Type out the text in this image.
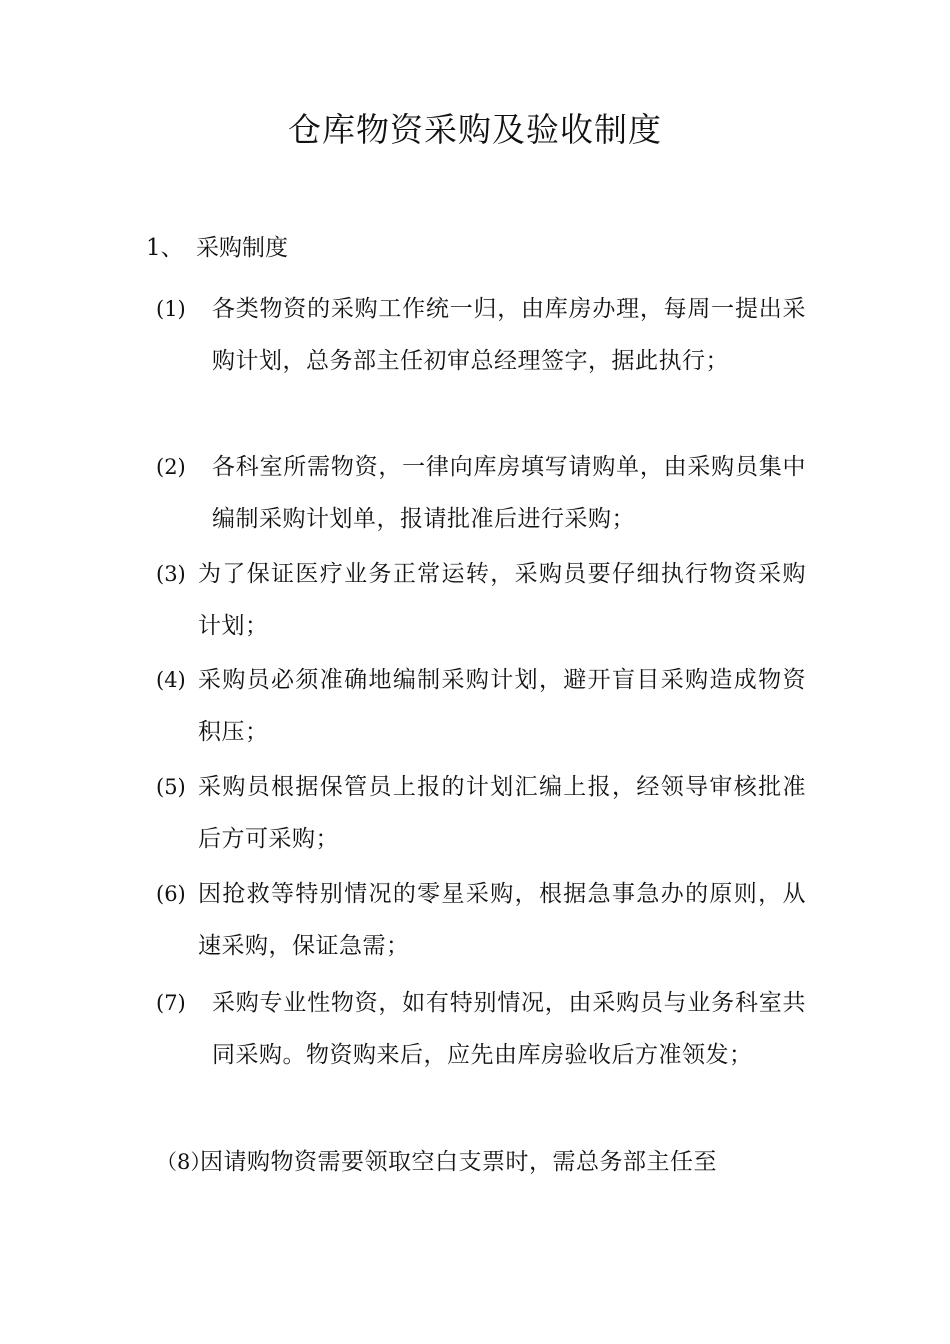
仓库物资采购及验收制度
1、 采购制度
(1)	各类物资的采购工作统一归，由库房办理，每周一提出采购计划，总务部主任初审总经理签字，据此执行；
(2)	各科室所需物资，一律向库房填写请购单，由采购员集中编制采购计划单，报请批准后进行采购；
(3) 为了保证医疗业务正常运转，采购员要仔细执行物资采购计划；
(4) 采购员必须准确地编制采购计划，避开盲目采购造成物资积压；
(5) 采购员根据保管员上报的计划汇编上报，经领导审核批准后方可采购；
(6) 因抢救等特别情况的零星采购，根据急事急办的原则，从速采购，保证急需；
(7)	采购专业性物资，如有特别情况，由采购员与业务科室共同采购。物资购来后，应先由库房验收后方准领发；
（8）
因请购物资需要领取空白支票时，需总务部主任至
